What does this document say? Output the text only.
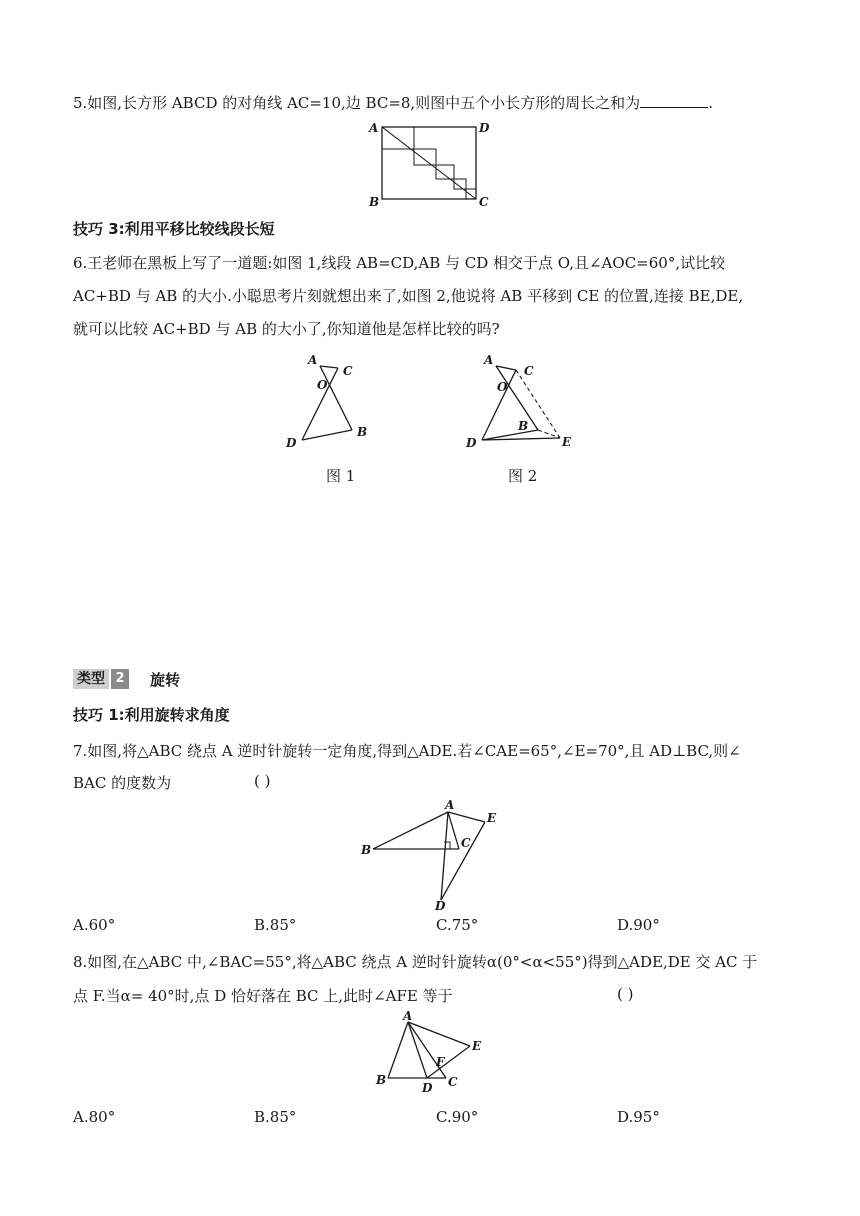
5.如图,长方形 ABCD 的对角线 AC=10,边 BC=8,则图中五个小长方形的周长之和为	.
A	D
B	C
技巧 3:利用平移比较线段长短
6.王老师在黑板上写了一道题:如图 1,线段 AB=CD,AB 与 CD 相交于点 O,且∠AOC=60°,试比较
AC+BD 与 AB 的大小.小聪思考片刻就想出来了,如图 2,他说将 AB 平移到 CE 的位置,连接 BE,DE,
就可以比较 AC+BD 与 AB 的大小了,你知道他是怎样比较的吗?
A
C
O
B
D
图 1
A
C
O
B
D	E
图 2
类型 2 旋转
技巧 1:利用旋转求角度
7.如图,将△ABC 绕点 A 逆时针旋转一定角度,得到△ADE.若∠CAE=65°,∠E=70°,且 AD⊥BC,则∠
BAC 的度数为	( )
A
E
B	C
D
A.60°	B.85°	C.75°	D.90°
8.如图,在△ABC 中,∠BAC=55°,将△ABC 绕点 A 逆时针旋转α(0°<α<55°)得到△ADE,DE 交 AC 于
点 F.当α= 40°时,点 D 恰好落在 BC 上,此时∠AFE 等于	( )
A
E
F
B
D C
A.80°	B.85°	C.90°	D.95°
